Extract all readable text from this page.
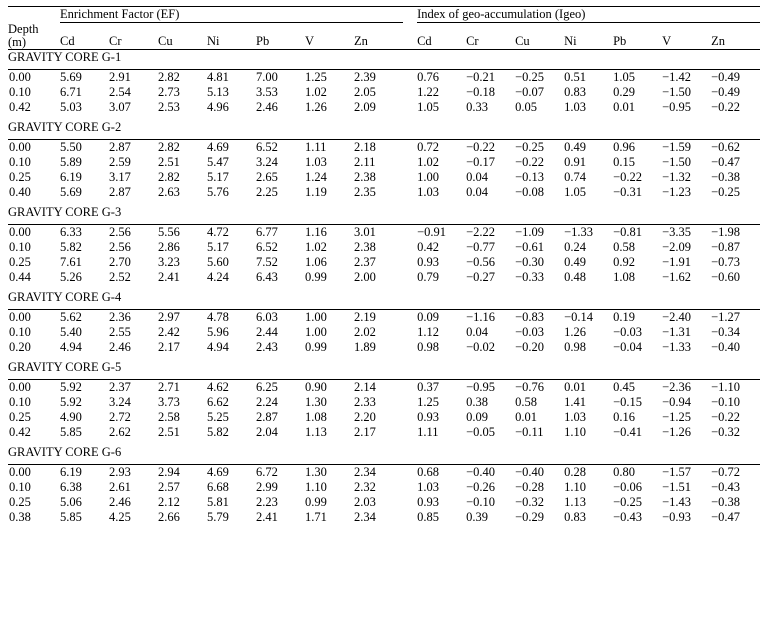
	Enrichment Factor (EF)								Index of geo-accumulation (Igeo)						

Depth
(m)	Cd	Cr	Cu	Ni	Pb	V	Zn		Cd	Cr	Cu	Ni	Pb	V	Zn
GRAVITY CORE G-1															

0.00	5.69	2.91	2.82	4.81	7.00	1.25	2.39		0.76	−0.21	−0.25	0.51	1.05	−1.42	−0.49
0.10	6.71	2.54	2.73	5.13	3.53	1.02	2.05		1.22	−0.18	−0.07	0.83	0.29	−1.50	−0.49
0.42	5.03	3.07	2.53	4.96	2.46	1.26	2.09		1.05	0.33	0.05	1.03	0.01	−0.95	−0.22

GRAVITY CORE G-2															

0.00	5.50	2.87	2.82	4.69	6.52	1.11	2.18		0.72	−0.22	−0.25	0.49	0.96	−1.59	−0.62
0.10	5.89	2.59	2.51	5.47	3.24	1.03	2.11		1.02	−0.17	−0.22	0.91	0.15	−1.50	−0.47
0.25	6.19	3.17	2.82	5.17	2.65	1.24	2.38		1.00	0.04	−0.13	0.74	−0.22	−1.32	−0.38
0.40	5.69	2.87	2.63	5.76	2.25	1.19	2.35		1.03	0.04	−0.08	1.05	−0.31	−1.23	−0.25

GRAVITY CORE G-3															

0.00	6.33	2.56	5.56	4.72	6.77	1.16	3.01		−0.91	−2.22	−1.09	−1.33	−0.81	−3.35	−1.98
0.10	5.82	2.56	2.86	5.17	6.52	1.02	2.38		0.42	−0.77	−0.61	0.24	0.58	−2.09	−0.87
0.25	7.61	2.70	3.23	5.60	7.52	1.06	2.37		0.93	−0.56	−0.30	0.49	0.92	−1.91	−0.73
0.44	5.26	2.52	2.41	4.24	6.43	0.99	2.00		0.79	−0.27	−0.33	0.48	1.08	−1.62	−0.60

GRAVITY CORE G-4															

0.00	5.62	2.36	2.97	4.78	6.03	1.00	2.19		0.09	−1.16	−0.83	−0.14	0.19	−2.40	−1.27
0.10	5.40	2.55	2.42	5.96	2.44	1.00	2.02		1.12	0.04	−0.03	1.26	−0.03	−1.31	−0.34
0.20	4.94	2.46	2.17	4.94	2.43	0.99	1.89		0.98	−0.02	−0.20	0.98	−0.04	−1.33	−0.40

GRAVITY CORE G-5															

0.00	5.92	2.37	2.71	4.62	6.25	0.90	2.14		0.37	−0.95	−0.76	0.01	0.45	−2.36	−1.10
0.10	5.92	3.24	3.73	6.62	2.24	1.30	2.33		1.25	0.38	0.58	1.41	−0.15	−0.94	−0.10
0.25	4.90	2.72	2.58	5.25	2.87	1.08	2.20		0.93	0.09	0.01	1.03	0.16	−1.25	−0.22
0.42	5.85	2.62	2.51	5.82	2.04	1.13	2.17		1.11	−0.05	−0.11	1.10	−0.41	−1.26	−0.32

GRAVITY CORE G-6															

0.00	6.19	2.93	2.94	4.69	6.72	1.30	2.34		0.68	−0.40	−0.40	0.28	0.80	−1.57	−0.72
0.10	6.38	2.61	2.57	6.68	2.99	1.10	2.32		1.03	−0.26	−0.28	1.10	−0.06	−1.51	−0.43
0.25	5.06	2.46	2.12	5.81	2.23	0.99	2.03		0.93	−0.10	−0.32	1.13	−0.25	−1.43	−0.38
0.38	5.85	4.25	2.66	5.79	2.41	1.71	2.34		0.85	0.39	−0.29	0.83	−0.43	−0.93	−0.47
